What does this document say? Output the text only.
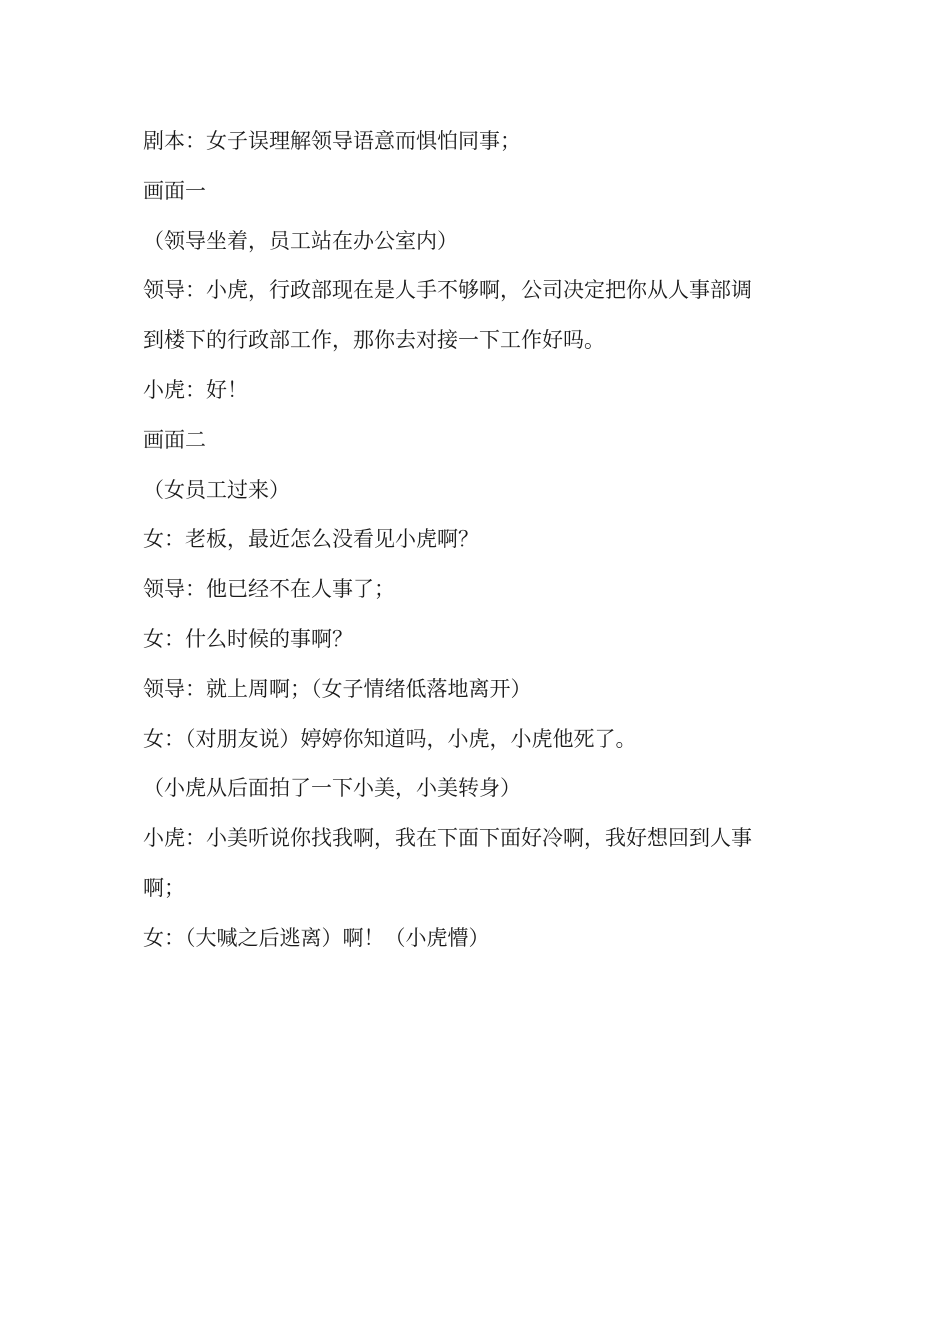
剧本：女子误理解领导语意而惧怕同事；

画面一

（领导坐着，员工站在办公室内）

领导：小虎，行政部现在是人手不够啊，公司决定把你从人事部调

到楼下的行政部工作，那你去对接一下工作好吗。

小虎：好！

画面二

（女员工过来）

女：老板，最近怎么没看见小虎啊？

领导：他已经不在人事了；

女：什么时候的事啊？

领导：就上周啊；（女子情绪低落地离开）

女：（对朋友说）婷婷你知道吗，小虎，小虎他死了。

（小虎从后面拍了一下小美，小美转身）

小虎：小美听说你找我啊，我在下面下面好冷啊，我好想回到人事

啊；

女：（大喊之后逃离）啊！（小虎懵）
